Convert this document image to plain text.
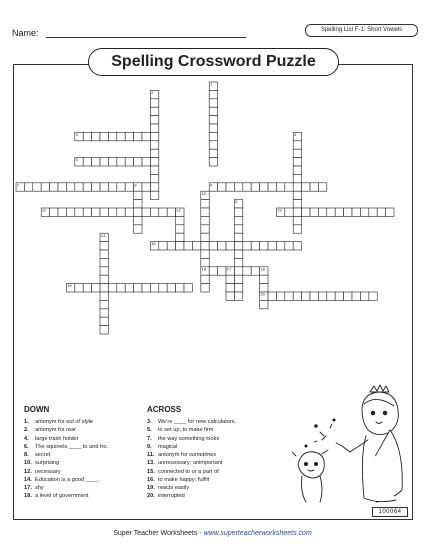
Name:	Spelling List F-1: Short Vowels
Spelling Crossword Puzzle
1
2
3	4
5
6
7	8	9
10
11	12	13
14
15
16	17	18
19
20
DOWN	ACROSS
1. antonym for out of style
2. antonym for real
4. large trash holder
6. The squirrels ____ to and fro.
8. secret
10. surprising
12. necessary
14. Education is a good ____.
17. shy
18. a level of government
3. We're ____ for new calculators.
5. to set up; to make firm
7. the way something looks
9. magical
11. antonym for sometimes
13. unnecessary; unimportant
15. connected to or a part of
16. to make happy; fulfill
19. reacts easily
20. interrupted
100064
Super Teacher Worksheets - www.superteacherworksheets.com
